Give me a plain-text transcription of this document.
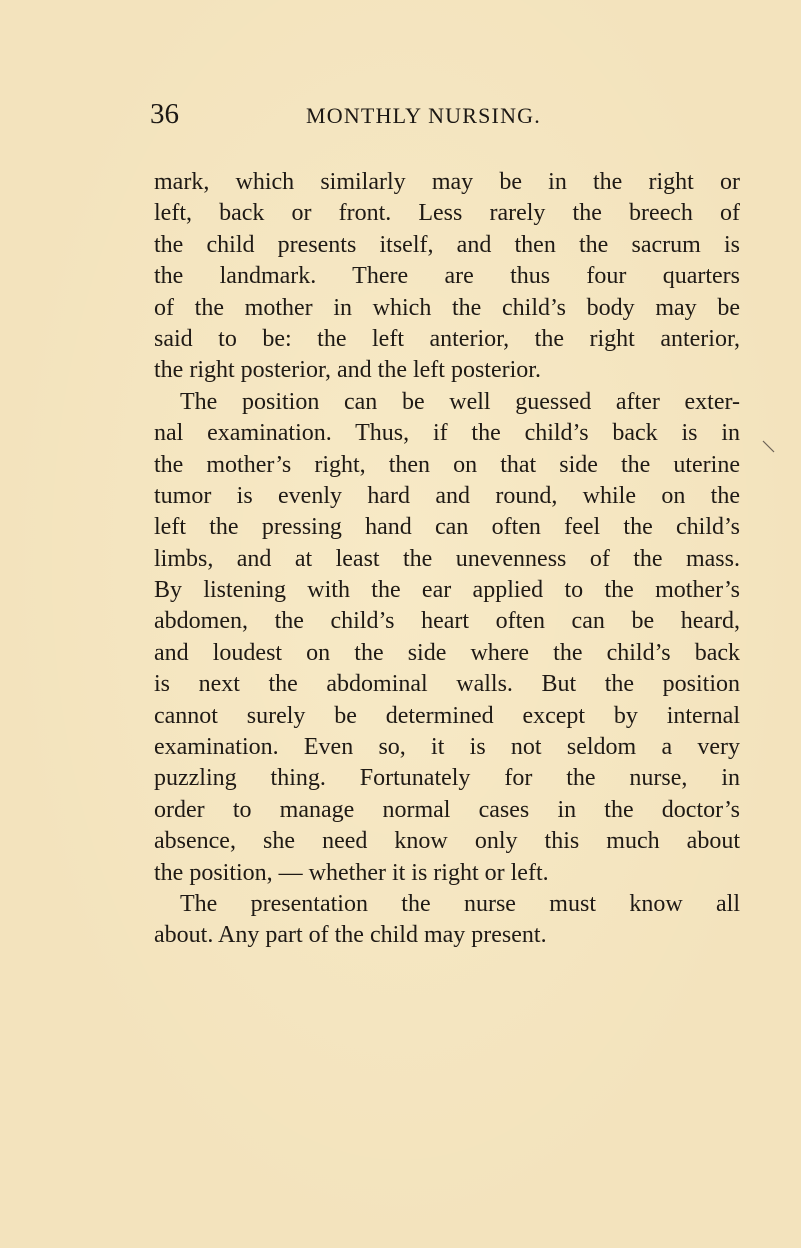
36	MONTHLY NURSING.
mark, which similarly may be in the right or
left, back or front. Less rarely the breech of
the child presents itself, and then the sacrum is
the landmark. There are thus four quarters
of the mother in which the child’s body may be
said to be: the left anterior, the right anterior,
the right posterior, and the left posterior.
The position can be well guessed after exter-
nal examination. Thus, if the child’s back is in
the mother’s right, then on that side the uterine
tumor is evenly hard and round, while on the
left the pressing hand can often feel the child’s
limbs, and at least the unevenness of the mass.
By listening with the ear applied to the mother’s
abdomen, the child’s heart often can be heard,
and loudest on the side where the child’s back
is next the abdominal walls. But the position
cannot surely be determined except by internal
examination. Even so, it is not seldom a very
puzzling thing. Fortunately for the nurse, in
order to manage normal cases in the doctor’s
absence, she need know only this much about
the position, — whether it is right or left.
The presentation the nurse must know all
about. Any part of the child may present.
